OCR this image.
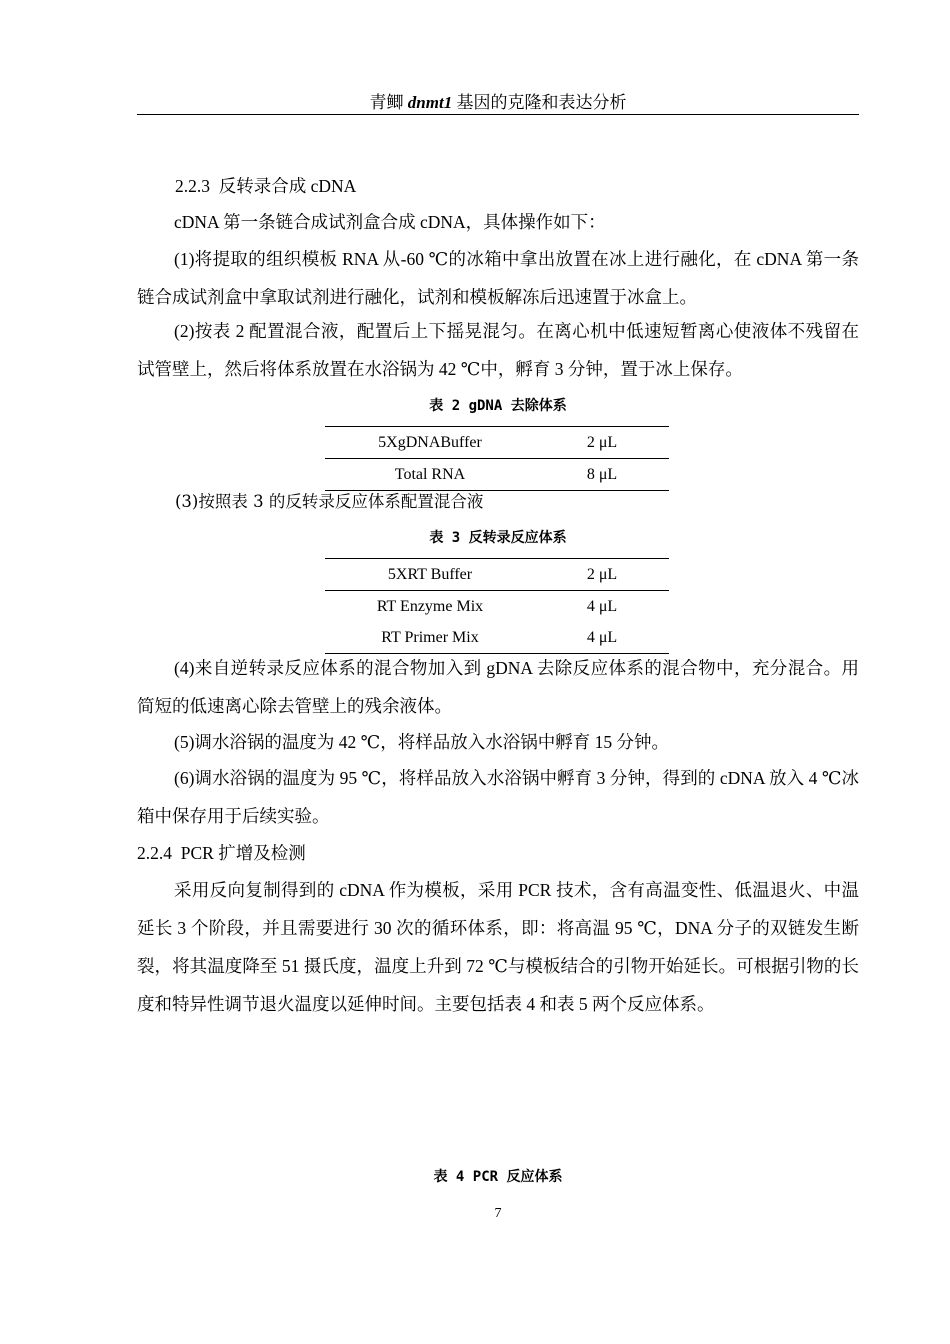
青鲫 dnmt1 基因的克隆和表达分析
2.2.3 反转录合成 cDNA

cDNA 第一条链合成试剂盒合成 cDNA，具体操作如下：

(1)将提取的组织模板 RNA 从-60 ℃的冰箱中拿出放置在冰上进行融化，在 cDNA 第一条链合成试剂盒中拿取试剂进行融化，试剂和模板解冻后迅速置于冰盒上。

(2)按表 2 配置混合液，配置后上下摇晃混匀。在离心机中低速短暂离心使液体不残留在试管壁上，然后将体系放置在水浴锅为 42 ℃中，孵育 3 分钟，置于冰上保存。

表 2 gDNA 去除体系
5XgDNABuffer	2 μL
Total RNA	8 μL

(3)按照表 3 的反转录反应体系配置混合液

表 3 反转录反应体系
5XRT Buffer	2 μL
RT Enzyme Mix	4 μL
RT Primer Mix	4 μL

(4)来自逆转录反应体系的混合物加入到 gDNA 去除反应体系的混合物中，充分混合。用简短的低速离心除去管壁上的残余液体。

(5)调水浴锅的温度为 42 ℃，将样品放入水浴锅中孵育 15 分钟。

(6)调水浴锅的温度为 95 ℃，将样品放入水浴锅中孵育 3 分钟，得到的 cDNA 放入 4 ℃冰箱中保存用于后续实验。

2.2.4 PCR 扩增及检测

采用反向复制得到的 cDNA 作为模板，采用 PCR 技术，含有高温变性、低温退火、中温延长 3 个阶段，并且需要进行 30 次的循环体系，即：将高温 95 ℃，DNA 分子的双链发生断裂，将其温度降至 51 摄氏度，温度上升到 72 ℃与模板结合的引物开始延长。可根据引物的长度和特异性调节退火温度以延伸时间。主要包括表 4 和表 5 两个反应体系。

表 4 PCR 反应体系
7
